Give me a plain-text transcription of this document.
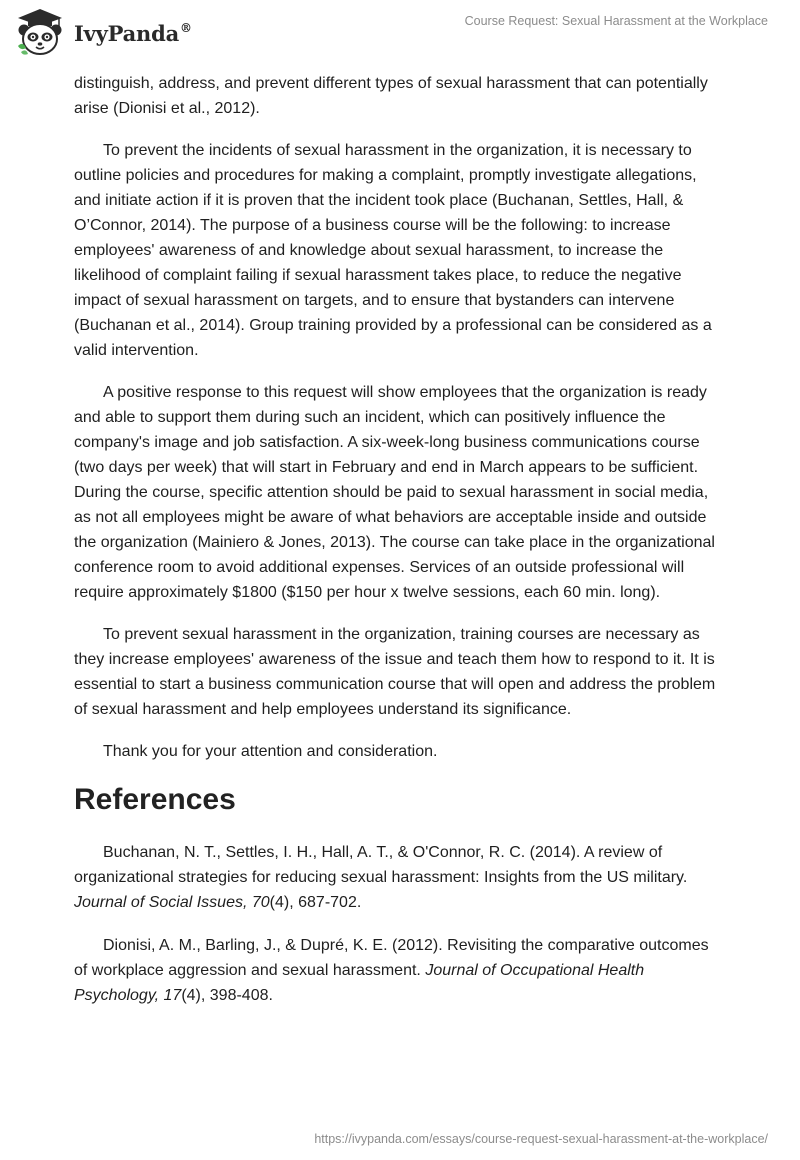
IvyPanda®	Course Request: Sexual Harassment at the Workplace

distinguish, address, and prevent different types of sexual harassment that can potentially arise (Dionisi et al., 2012).

To prevent the incidents of sexual harassment in the organization, it is necessary to outline policies and procedures for making a complaint, promptly investigate allegations, and initiate action if it is proven that the incident took place (Buchanan, Settles, Hall, & O’Connor, 2014). The purpose of a business course will be the following: to increase employees' awareness of and knowledge about sexual harassment, to increase the likelihood of complaint failing if sexual harassment takes place, to reduce the negative impact of sexual harassment on targets, and to ensure that bystanders can intervene (Buchanan et al., 2014). Group training provided by a professional can be considered as a valid intervention.

A positive response to this request will show employees that the organization is ready and able to support them during such an incident, which can positively influence the company's image and job satisfaction. A six-week-long business communications course (two days per week) that will start in February and end in March appears to be sufficient. During the course, specific attention should be paid to sexual harassment in social media, as not all employees might be aware of what behaviors are acceptable inside and outside the organization (Mainiero & Jones, 2013). The course can take place in the organizational conference room to avoid additional expenses. Services of an outside professional will require approximately $1800 ($150 per hour x twelve sessions, each 60 min. long).

To prevent sexual harassment in the organization, training courses are necessary as they increase employees' awareness of the issue and teach them how to respond to it. It is essential to start a business communication course that will open and address the problem of sexual harassment and help employees understand its significance.

Thank you for your attention and consideration.

References

Buchanan, N. T., Settles, I. H., Hall, A. T., & O'Connor, R. C. (2014). A review of organizational strategies for reducing sexual harassment: Insights from the US military. Journal of Social Issues, 70(4), 687-702.

Dionisi, A. M., Barling, J., & Dupré, K. E. (2012). Revisiting the comparative outcomes of workplace aggression and sexual harassment. Journal of Occupational Health Psychology, 17(4), 398-408.

https://ivypanda.com/essays/course-request-sexual-harassment-at-the-workplace/
